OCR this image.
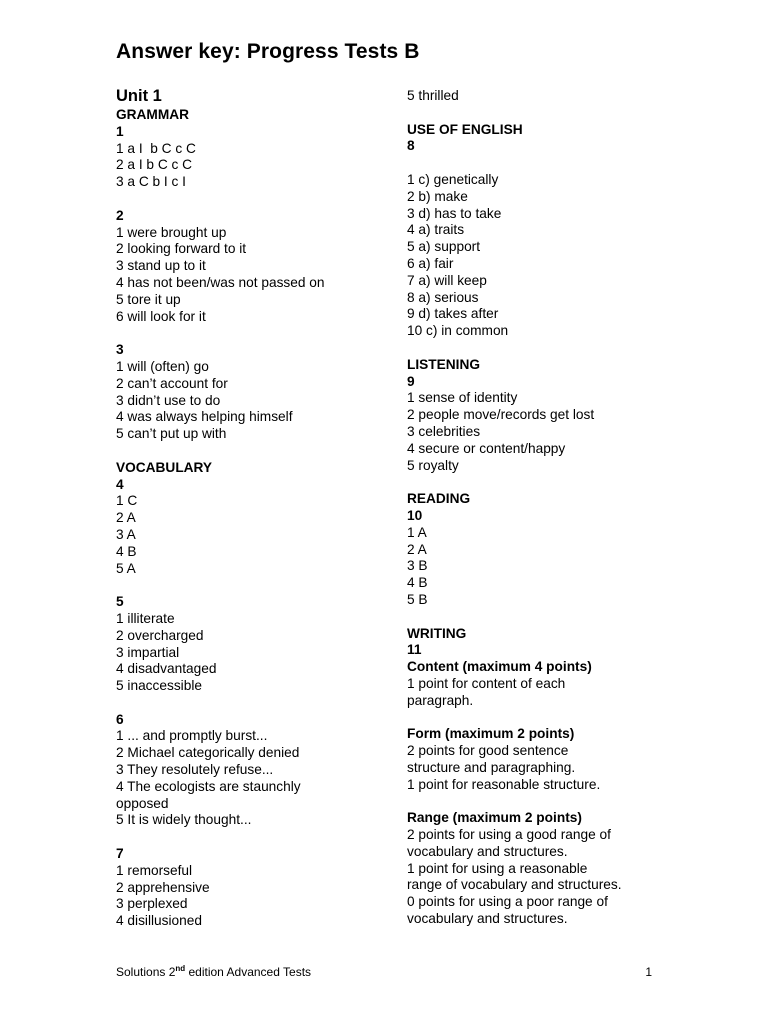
Answer key: Progress Tests B
Unit 1
GRAMMAR
1
1 a I  b C c C
2 a I b C c C
3 a C b I c I
2
1 were brought up
2 looking forward to it
3 stand up to it
4 has not been/was not passed on
5 tore it up
6 will look for it
3
1 will (often) go
2 can’t account for
3 didn’t use to do
4 was always helping himself
5 can’t put up with
VOCABULARY
4
1 C
2 A
3 A
4 B
5 A
5
1 illiterate
2 overcharged
3 impartial
4 disadvantaged
5 inaccessible
6
1 ... and promptly burst...
2 Michael categorically denied
3 They resolutely refuse...
4 The ecologists are staunchly
opposed
5 It is widely thought...
7
1 remorseful
2 apprehensive
3 perplexed
4 disillusioned
5 thrilled
USE OF ENGLISH
8
1 c) genetically
2 b) make
3 d) has to take
4 a) traits
5 a) support
6 a) fair
7 a) will keep
8 a) serious
9 d) takes after
10 c) in common
LISTENING
9
1 sense of identity
2 people move/records get lost
3 celebrities
4 secure or content/happy
5 royalty
READING
10
1 A
2 A
3 B
4 B
5 B
WRITING
11
Content (maximum 4 points)
1 point for content of each
paragraph.
Form (maximum 2 points)
2 points for good sentence
structure and paragraphing.
1 point for reasonable structure.
Range (maximum 2 points)
2 points for using a good range of
vocabulary and structures.
1 point for using a reasonable
range of vocabulary and structures.
0 points for using a poor range of
vocabulary and structures.
Solutions 2nd edition Advanced Tests	1
